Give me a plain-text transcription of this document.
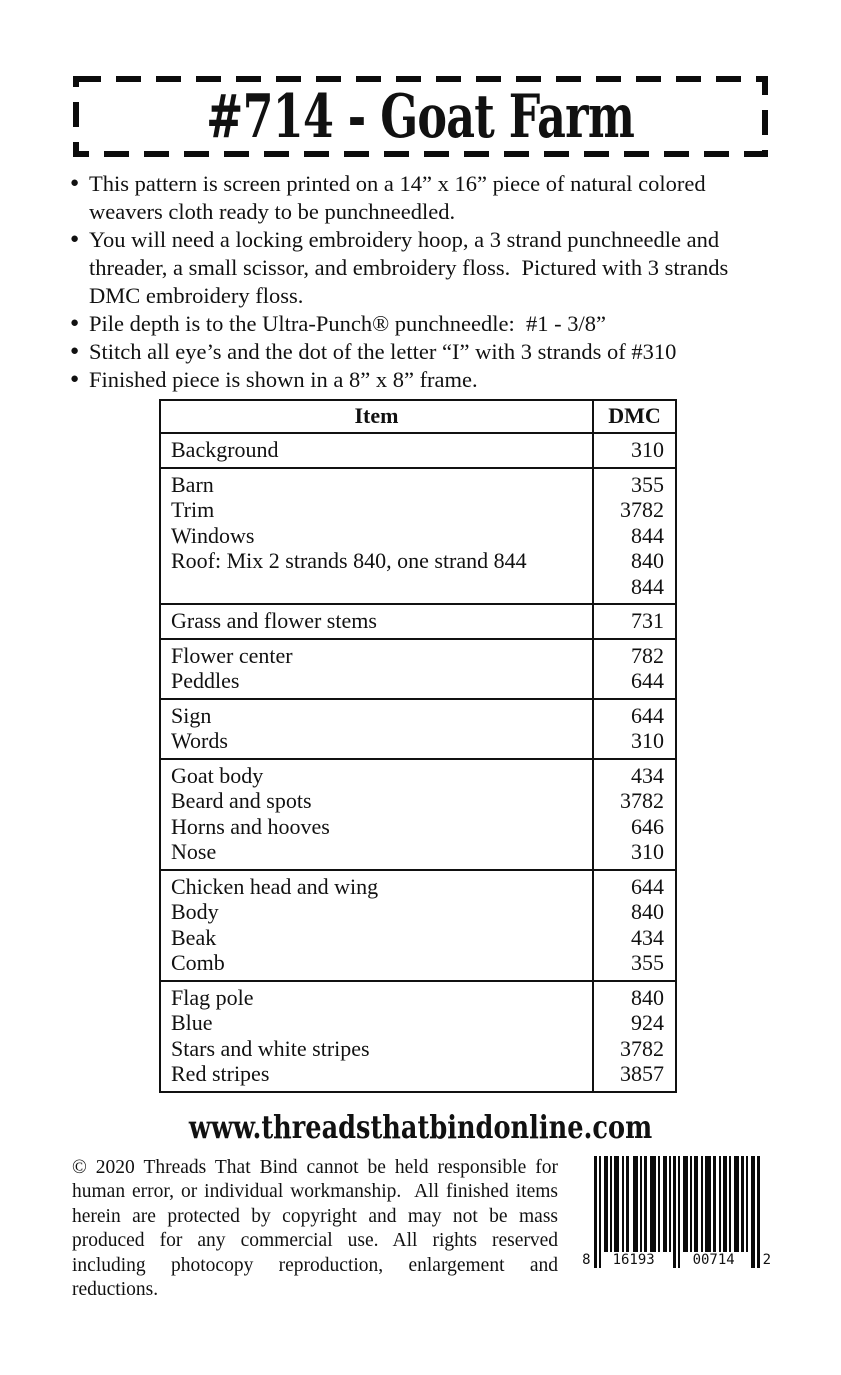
#714 - Goat Farm
● This pattern is screen printed on a 14” x 16” piece of natural colored weavers cloth ready to be punchneedled.
● You will need a locking embroidery hoop, a 3 strand punchneedle and threader, a small scissor, and embroidery floss.  Pictured with 3 strands DMC embroidery floss.
● Pile depth is to the Ultra-Punch® punchneedle:  #1 - 3/8”
● Stitch all eye’s and the dot of the letter “I” with 3 strands of #310
● Finished piece is shown in a 8” x 8” frame.
Item	DMC
Background	310
Barn	355
Trim	3782
Windows	844
Roof: Mix 2 strands 840, one strand 844	840
	844
Grass and flower stems	731
Flower center	782
Peddles	644
Sign	644
Words	310
Goat body	434
Beard and spots	3782
Horns and hooves	646
Nose	310
Chicken head and wing	644
Body	840
Beak	434
Comb	355
Flag pole	840
Blue	924
Stars and white stripes	3782
Red stripes	3857
www.threadsthatbindonline.com

© 2020 Threads That Bind cannot be held responsible for human error, or individual workmanship.  All finished items herein are protected by copyright and may not be mass produced for any commercial use. All rights reserved including photocopy reproduction, enlargement and reductions.

8 16193	00714 2
